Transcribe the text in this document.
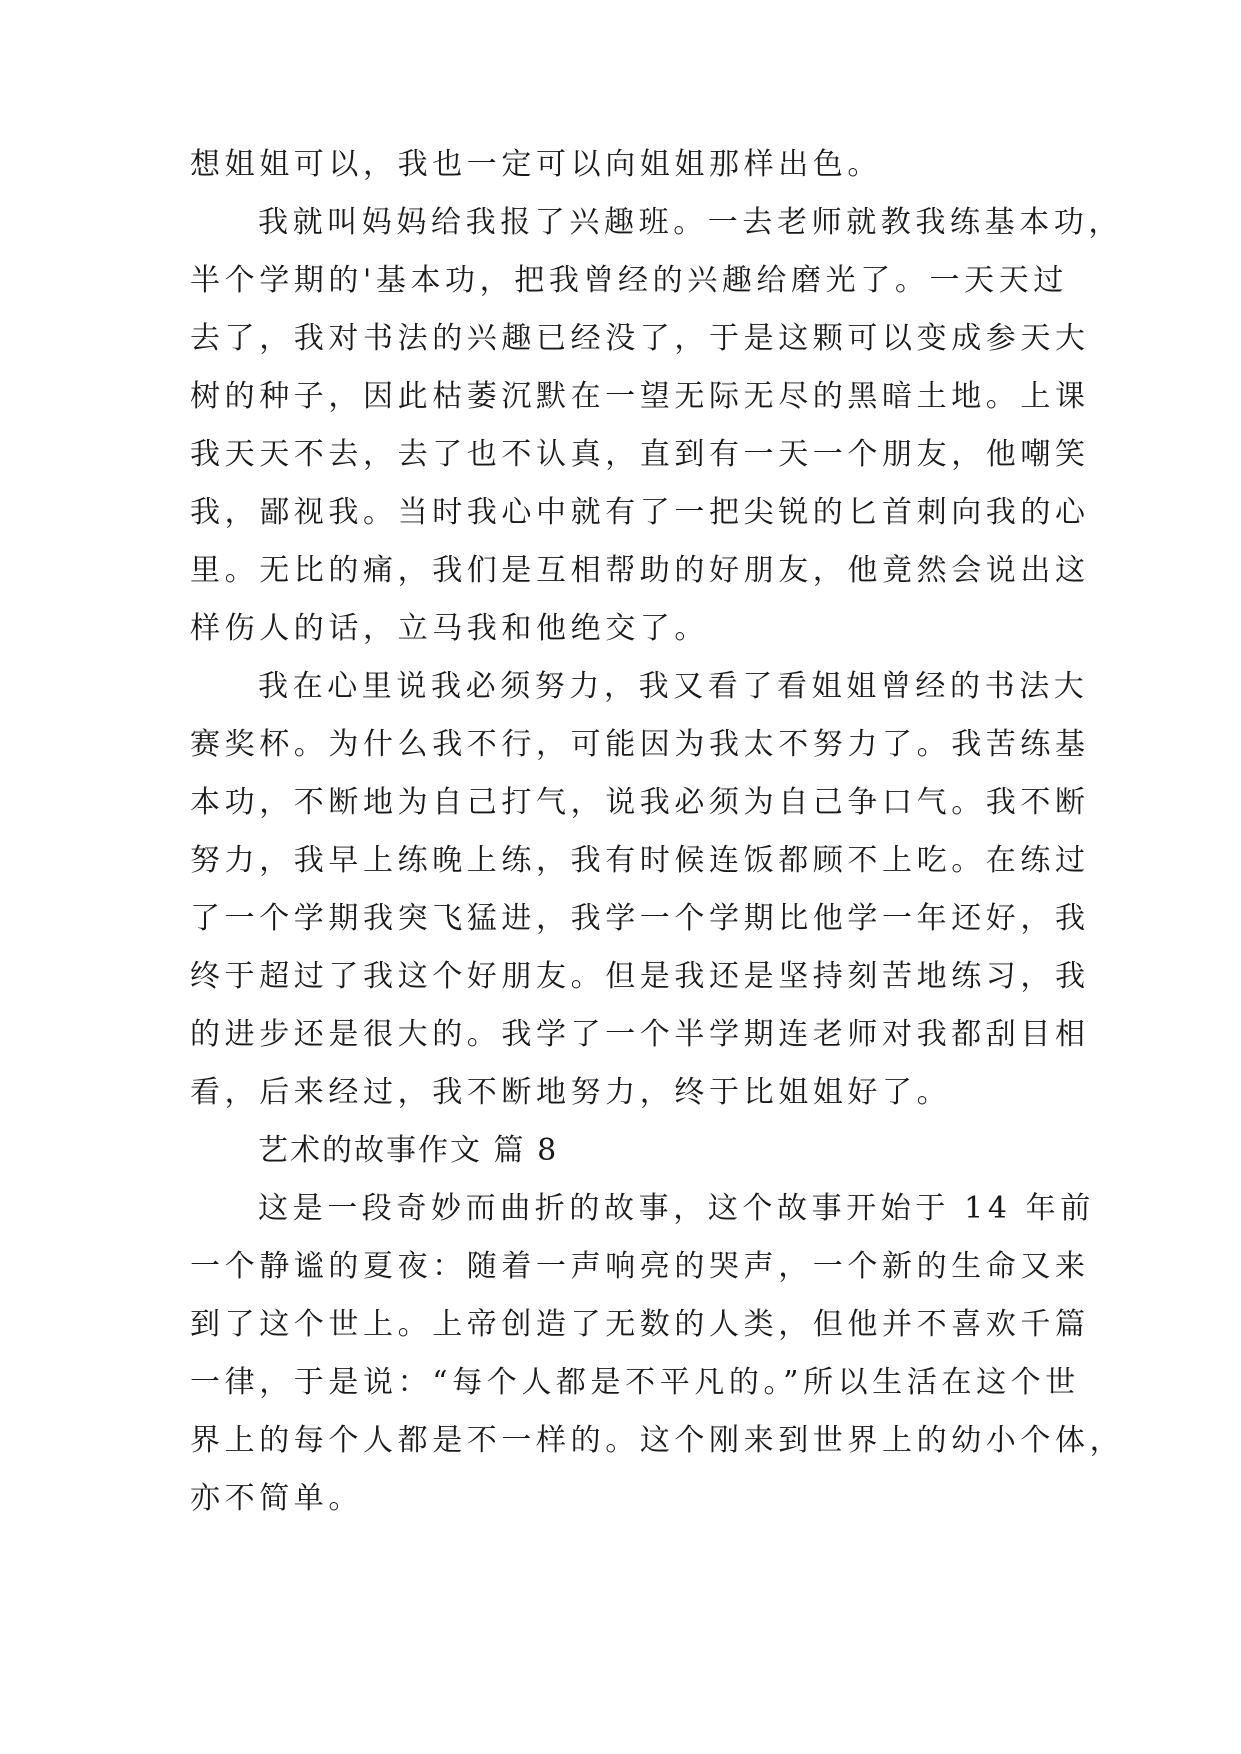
想姐姐可以，我也一定可以向姐姐那样出色。
我就叫妈妈给我报了兴趣班。一去老师就教我练基本功，
半个学期的'基本功，把我曾经的兴趣给磨光了。一天天过
去了，我对书法的兴趣已经没了，于是这颗可以变成参天大
树的种子，因此枯萎沉默在一望无际无尽的黑暗土地。上课
我天天不去，去了也不认真，直到有一天一个朋友，他嘲笑
我，鄙视我。当时我心中就有了一把尖锐的匕首刺向我的心
里。无比的痛，我们是互相帮助的好朋友，他竟然会说出这
样伤人的话，立马我和他绝交了。
我在心里说我必须努力，我又看了看姐姐曾经的书法大
赛奖杯。为什么我不行，可能因为我太不努力了。我苦练基
本功，不断地为自己打气，说我必须为自己争口气。我不断
努力，我早上练晚上练，我有时候连饭都顾不上吃。在练过
了一个学期我突飞猛进，我学一个学期比他学一年还好，我
终于超过了我这个好朋友。但是我还是坚持刻苦地练习，我
的进步还是很大的。我学了一个半学期连老师对我都刮目相
看，后来经过，我不断地努力，终于比姐姐好了。
艺术的故事作文 篇 8
这是一段奇妙而曲折的故事，这个故事开始于 14 年前
一个静谧的夏夜：随着一声响亮的哭声，一个新的生命又来
到了这个世上。上帝创造了无数的人类，但他并不喜欢千篇
一律，于是说：“每个人都是不平凡的。”所以生活在这个世
界上的每个人都是不一样的。这个刚来到世界上的幼小个体，
亦不简单。
